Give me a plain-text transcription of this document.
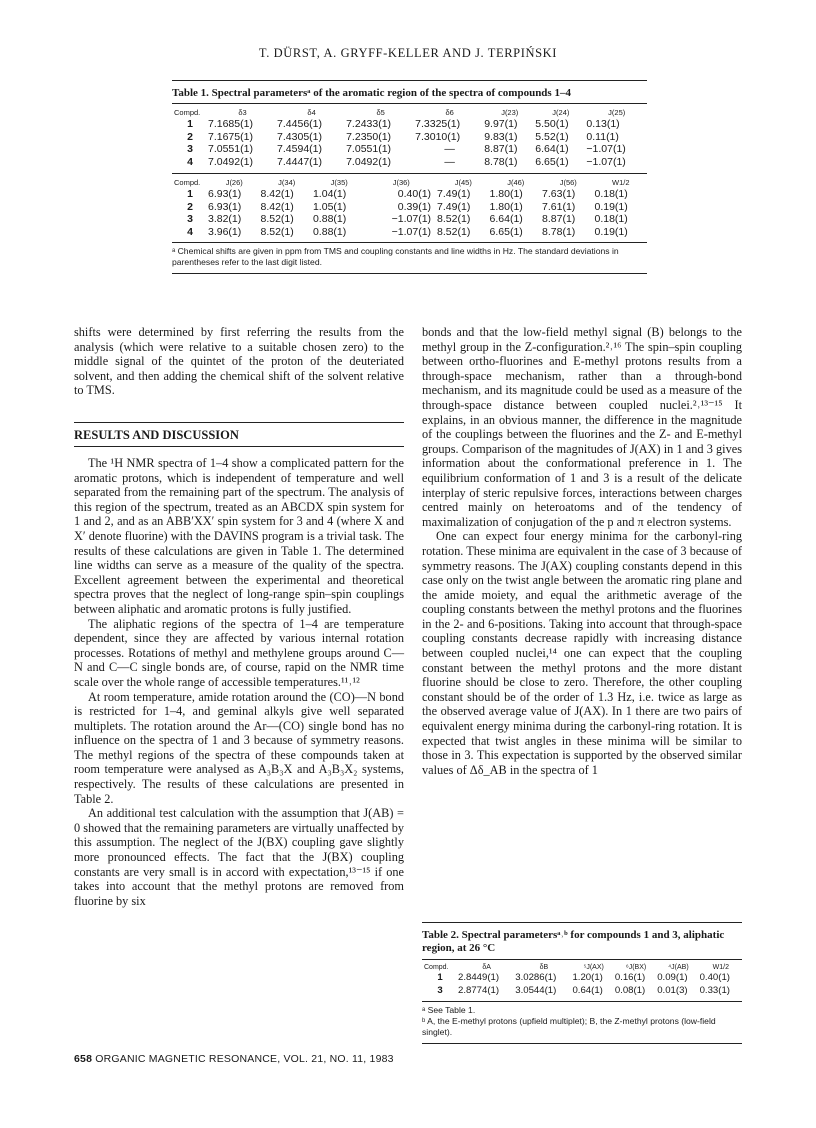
T. DÜRST, A. GRYFF-KELLER AND J. TERPIŃSKI
Table 1. Spectral parametersᵃ of the aromatic region of the spectra of compounds 1–4
Compd.	δ3	δ4	δ5	δ6	J(23)	J(24)	J(25)
1	7.1685(1)	7.4456(1)	7.2433(1)	7.3325(1)	9.97(1)	5.50(1)	0.13(1)
2	7.1675(1)	7.4305(1)	7.2350(1)	7.3010(1)	9.83(1)	5.52(1)	0.11(1)
3	7.0551(1)	7.4594(1)	7.0551(1)	—	8.87(1)	6.64(1)	−1.07(1)
4	7.0492(1)	7.4447(1)	7.0492(1)	—	8.78(1)	6.65(1)	−1.07(1)
Compd.	J(26)	J(34)	J(35)	J(36)	J(45)	J(46)	J(56)	W1/2
1	6.93(1)	8.42(1)	1.04(1)	0.40(1)	7.49(1)	1.80(1)	7.63(1)	0.18(1)
2	6.93(1)	8.42(1)	1.05(1)	0.39(1)	7.49(1)	1.80(1)	7.61(1)	0.19(1)
3	3.82(1)	8.52(1)	0.88(1)	−1.07(1)	8.52(1)	6.64(1)	8.87(1)	0.18(1)
4	3.96(1)	8.52(1)	0.88(1)	−1.07(1)	8.52(1)	6.65(1)	8.78(1)	0.19(1)
ᵃ Chemical shifts are given in ppm from TMS and coupling constants and line widths in Hz. The standard deviations in parentheses refer to the last digit listed.

shifts were determined by first referring the results from the analysis (which were relative to a suitable chosen zero) to the middle signal of the quintet of the proton of the deuteriated solvent, and then adding the chemical shift of the solvent relative to TMS.

RESULTS AND DISCUSSION

The ¹H NMR spectra of 1–4 show a complicated pattern for the aromatic protons, which is independent of temperature and well separated from the remaining part of the spectrum. The analysis of this region of the spectrum, treated as an ABCDX spin system for 1 and 2, and as an ABB′XX′ spin system for 3 and 4 (where X and X′ denote fluorine) with the DAVINS program is a trivial task. The results of these calculations are given in Table 1. The determined line widths can serve as a measure of the quality of the spectra. Excellent agreement between the experimental and theoretical spectra proves that the neglect of long-range spin–spin couplings between aliphatic and aromatic protons is fully justified.

The aliphatic regions of the spectra of 1–4 are temperature dependent, since they are affected by various internal rotation processes. Rotations of methyl and methylene groups around C—N and C—C single bonds are, of course, rapid on the NMR time scale over the whole range of accessible temperatures.¹¹˒¹²

At room temperature, amide rotation around the (CO)—N bond is restricted for 1–4, and geminal alkyls give well separated multiplets. The rotation around the Ar—(CO) single bond has no influence on the spectra of 1 and 3 because of symmetry reasons. The methyl regions of the spectra of these compounds taken at room temperature were analysed as A₃B₃X and A₃B₃X₂ systems, respectively. The results of these calculations are presented in Table 2.

An additional test calculation with the assumption that J(AB) = 0 showed that the remaining parameters are virtually unaffected by this assumption. The neglect of the J(BX) coupling gave slightly more pronounced effects. The fact that the J(BX) coupling constants are very small is in accord with expectation,¹³⁻¹⁵ if one takes into account that the methyl protons are removed from fluorine by six

bonds and that the low-field methyl signal (B) belongs to the methyl group in the Z-configuration.²˒¹⁶ The spin–spin coupling between ortho-fluorines and E-methyl protons results from a through-space mechanism, rather than a through-bond mechanism, and its magnitude could be used as a measure of the through-space distance between coupled nuclei.²˒¹³⁻¹⁵ It explains, in an obvious manner, the difference in the magnitude of the couplings between the fluorines and the Z- and E-methyl groups. Comparison of the magnitudes of J(AX) in 1 and 3 gives information about the conformational preference in 1. The equilibrium conformation of 1 and 3 is a result of the delicate interplay of steric repulsive forces, interactions between charges centred mainly on heteroatoms and of the tendency of maximalization of conjugation of the p and π electron systems.

One can expect four energy minima for the carbonyl-ring rotation. These minima are equivalent in the case of 3 because of symmetry reasons. The J(AX) coupling constants depend in this case only on the twist angle between the aromatic ring plane and the amide moiety, and equal the arithmetic average of the coupling constants between the methyl protons and the fluorines in the 2- and 6-positions. Taking into account that through-space coupling constants decrease rapidly with increasing distance between coupled nuclei,¹⁴ one can expect that the coupling constant between the methyl protons and the more distant fluorine should be close to zero. Therefore, the other coupling constant should be of the order of 1.3 Hz, i.e. twice as large as the observed average value of J(AX). In 1 there are two pairs of equivalent energy minima during the carbonyl-ring rotation. It is expected that twist angles in these minima will be similar to those in 3. This expectation is supported by the observed similar values of Δδ_AB in the spectra of 1

Table 2. Spectral parametersᵃ˒ᵇ for compounds 1 and 3, aliphatic region, at 26 °C
Compd.	δA	δB	⁵J(AX)	⁶J(BX)	⁴J(AB)	W1/2
1	2.8449(1)	3.0286(1)	1.20(1)	0.16(1)	0.09(1)	0.40(1)
3	2.8774(1)	3.0544(1)	0.64(1)	0.08(1)	0.01(3)	0.33(1)
ᵃ See Table 1.
ᵇ A, the E-methyl protons (upfield multiplet); B, the Z-methyl protons (low-field singlet).
658 ORGANIC MAGNETIC RESONANCE, VOL. 21, NO. 11, 1983
